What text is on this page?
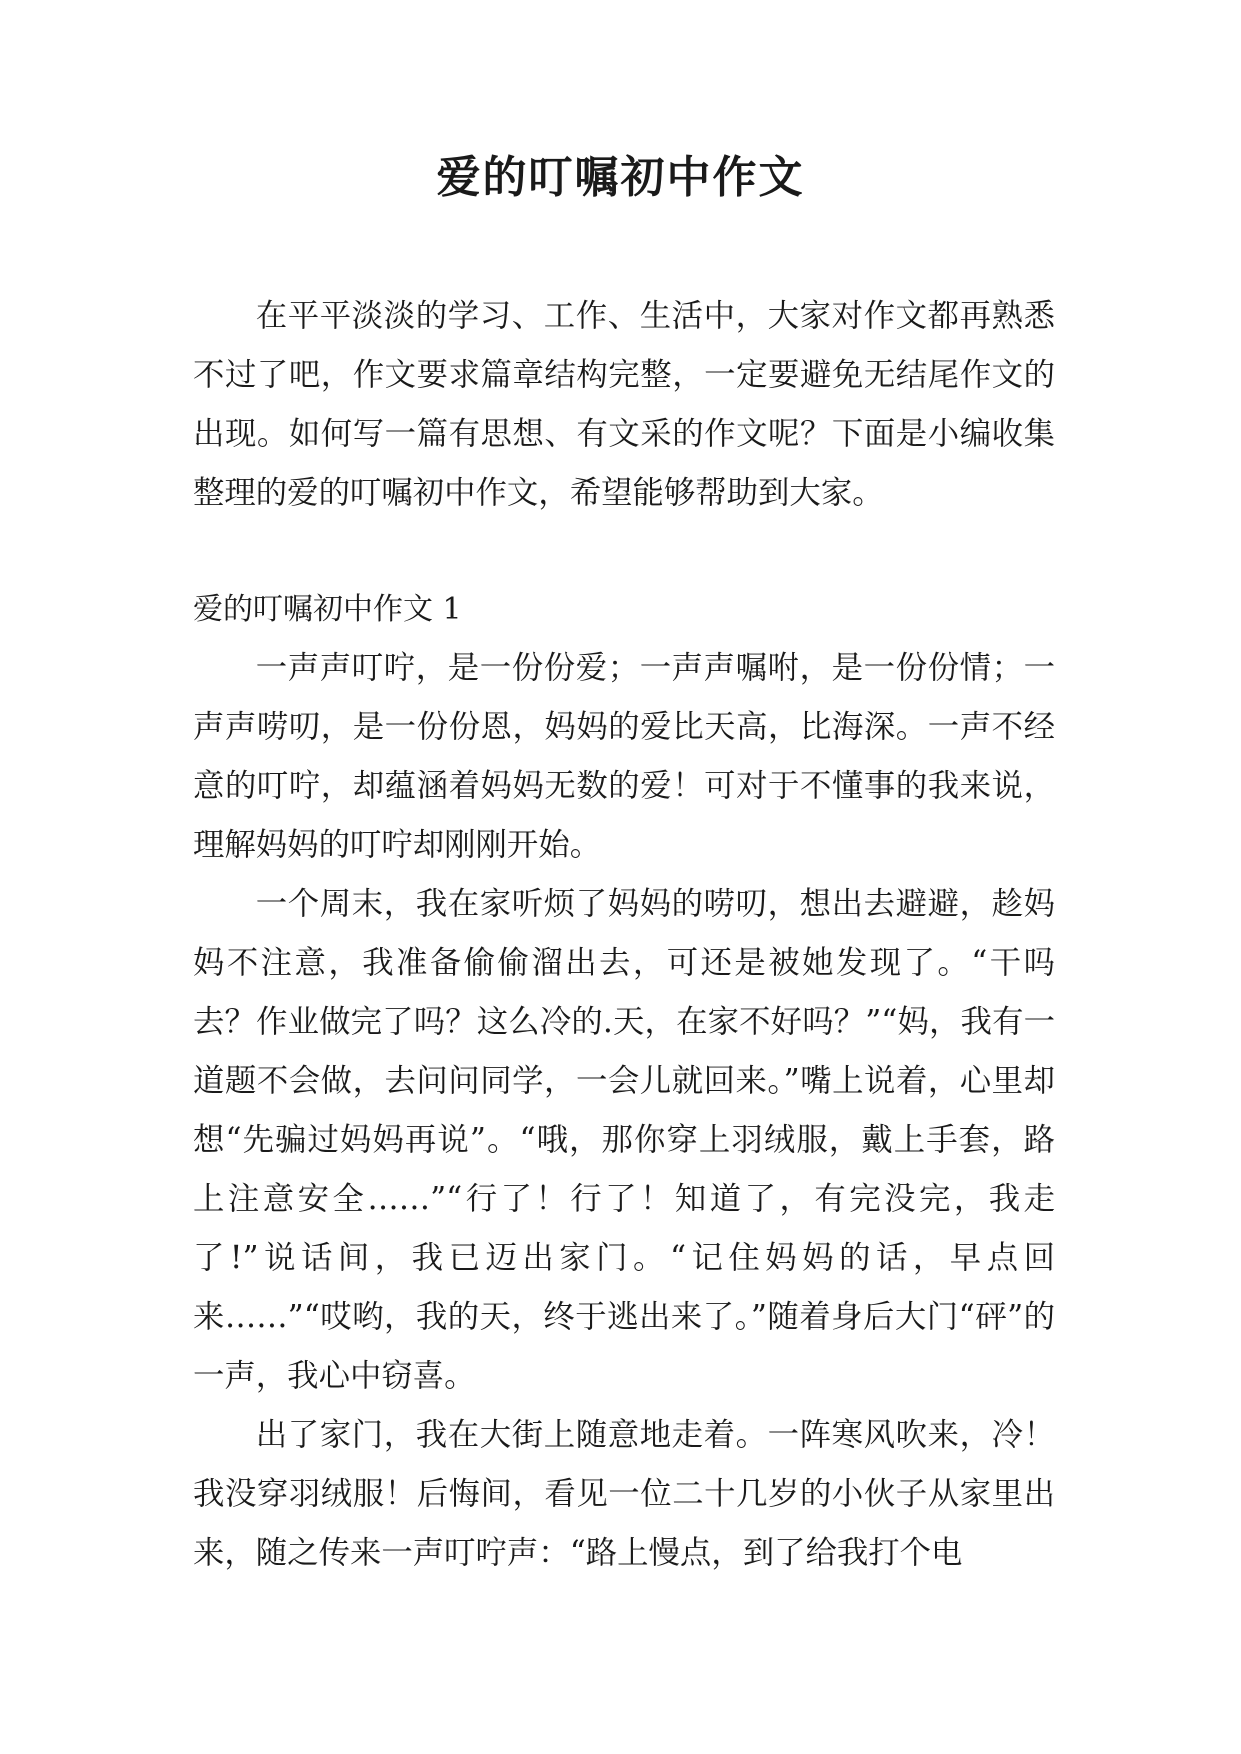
爱的叮嘱初中作文

在平平淡淡的学习、工作、生活中，大家对作文都再熟悉不过了吧，作文要求篇章结构完整，一定要避免无结尾作文的出现。如何写一篇有思想、有文采的作文呢？下面是小编收集整理的爱的叮嘱初中作文，希望能够帮助到大家。

爱的叮嘱初中作文 1

一声声叮咛，是一份份爱；一声声嘱咐，是一份份情；一声声唠叨，是一份份恩，妈妈的爱比天高，比海深。一声不经意的叮咛，却蕴涵着妈妈无数的爱！可对于不懂事的我来说，理解妈妈的叮咛却刚刚开始。

一个周末，我在家听烦了妈妈的唠叨，想出去避避，趁妈妈不注意，我准备偷偷溜出去，可还是被她发现了。“干吗去？作业做完了吗？这么冷的.天，在家不好吗？”“妈，我有一道题不会做，去问问同学，一会儿就回来。”嘴上说着，心里却想“先骗过妈妈再说”。“哦，那你穿上羽绒服，戴上手套，路上注意安全……”“行了！行了！知道了，有完没完，我走了!”说话间，我已迈出家门。“记住妈妈的话，早点回来……”“哎哟，我的天，终于逃出来了。”随着身后大门“砰”的一声，我心中窃喜。

出了家门，我在大街上随意地走着。一阵寒风吹来，冷！我没穿羽绒服！后悔间，看见一位二十几岁的小伙子从家里出来，随之传来一声叮咛声：“路上慢点，到了给我打个电
